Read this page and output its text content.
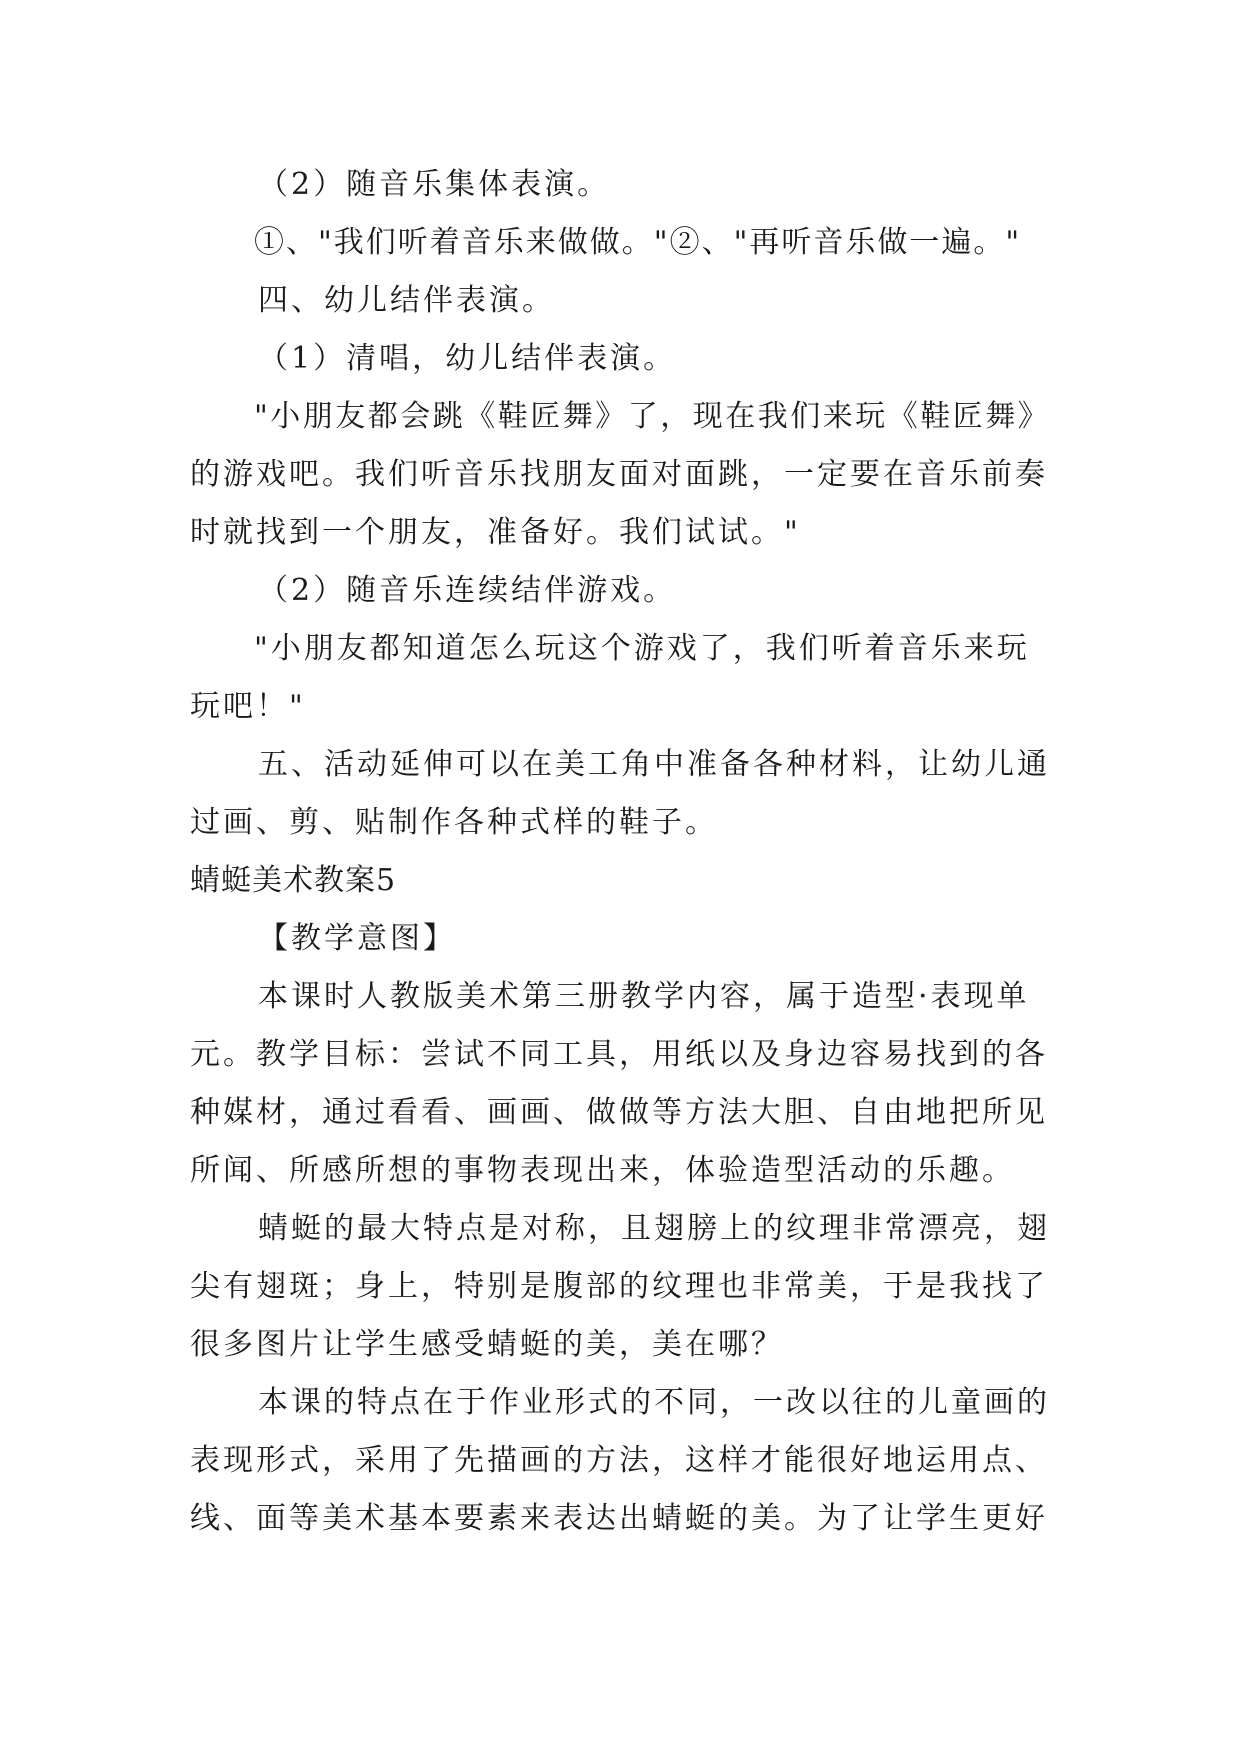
（2）随音乐集体表演。
①、"我们听着音乐来做做。"②、"再听音乐做一遍。"
四、幼儿结伴表演。
（1）清唱，幼儿结伴表演。
"小朋友都会跳《鞋匠舞》了，现在我们来玩《鞋匠舞》
的游戏吧。我们听音乐找朋友面对面跳，一定要在音乐前奏
时就找到一个朋友，准备好。我们试试。"
（2）随音乐连续结伴游戏。
"小朋友都知道怎么玩这个游戏了，我们听着音乐来玩
玩吧！"
五、活动延伸可以在美工角中准备各种材料，让幼儿通
过画、剪、贴制作各种式样的鞋子。
蜻蜓美术教案5
【教学意图】
本课时人教版美术第三册教学内容，属于造型·表现单
元。教学目标：尝试不同工具，用纸以及身边容易找到的各
种媒材，通过看看、画画、做做等方法大胆、自由地把所见
所闻、所感所想的事物表现出来，体验造型活动的乐趣。
蜻蜓的最大特点是对称，且翅膀上的纹理非常漂亮，翅
尖有翅斑；身上，特别是腹部的纹理也非常美，于是我找了
很多图片让学生感受蜻蜓的美，美在哪？
本课的特点在于作业形式的不同，一改以往的儿童画的
表现形式，采用了先描画的方法，这样才能很好地运用点、
线、面等美术基本要素来表达出蜻蜓的美。为了让学生更好
